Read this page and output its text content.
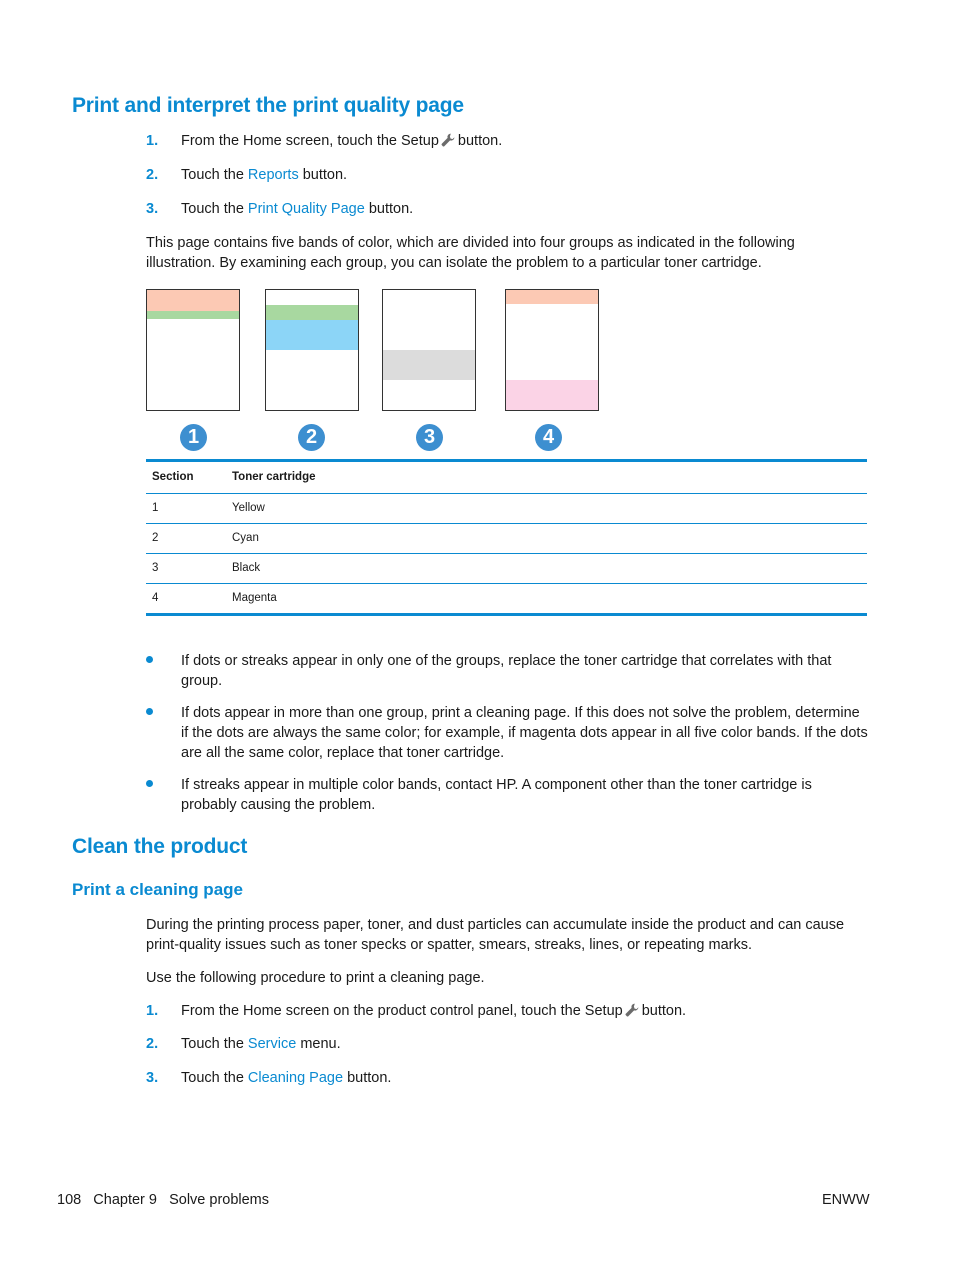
Print and interpret the print quality page
1. From the Home screen, touch the Setup button.
2. Touch the Reports button.
3. Touch the Print Quality Page button.

This page contains five bands of color, which are divided into four groups as indicated in the following illustration. By examining each group, you can isolate the problem to a particular toner cartridge.

1	2	3	4
Section	Toner cartridge
1	Yellow
2	Cyan
3	Black
4	Magenta
If dots or streaks appear in only one of the groups, replace the toner cartridge that correlates with that group.
If dots appear in more than one group, print a cleaning page. If this does not solve the problem, determine if the dots are always the same color; for example, if magenta dots appear in all five color bands. If the dots are all the same color, replace that toner cartridge.
If streaks appear in multiple color bands, contact HP. A component other than the toner cartridge is probably causing the problem.
Clean the product
Print a cleaning page

During the printing process paper, toner, and dust particles can accumulate inside the product and can cause print-quality issues such as toner specks or spatter, smears, streaks, lines, or repeating marks.

Use the following procedure to print a cleaning page.

1. From the Home screen on the product control panel, touch the Setup button.
2. Touch the Service menu.
3. Touch the Cleaning Page button.
108 Chapter 9 Solve problems	ENWW
